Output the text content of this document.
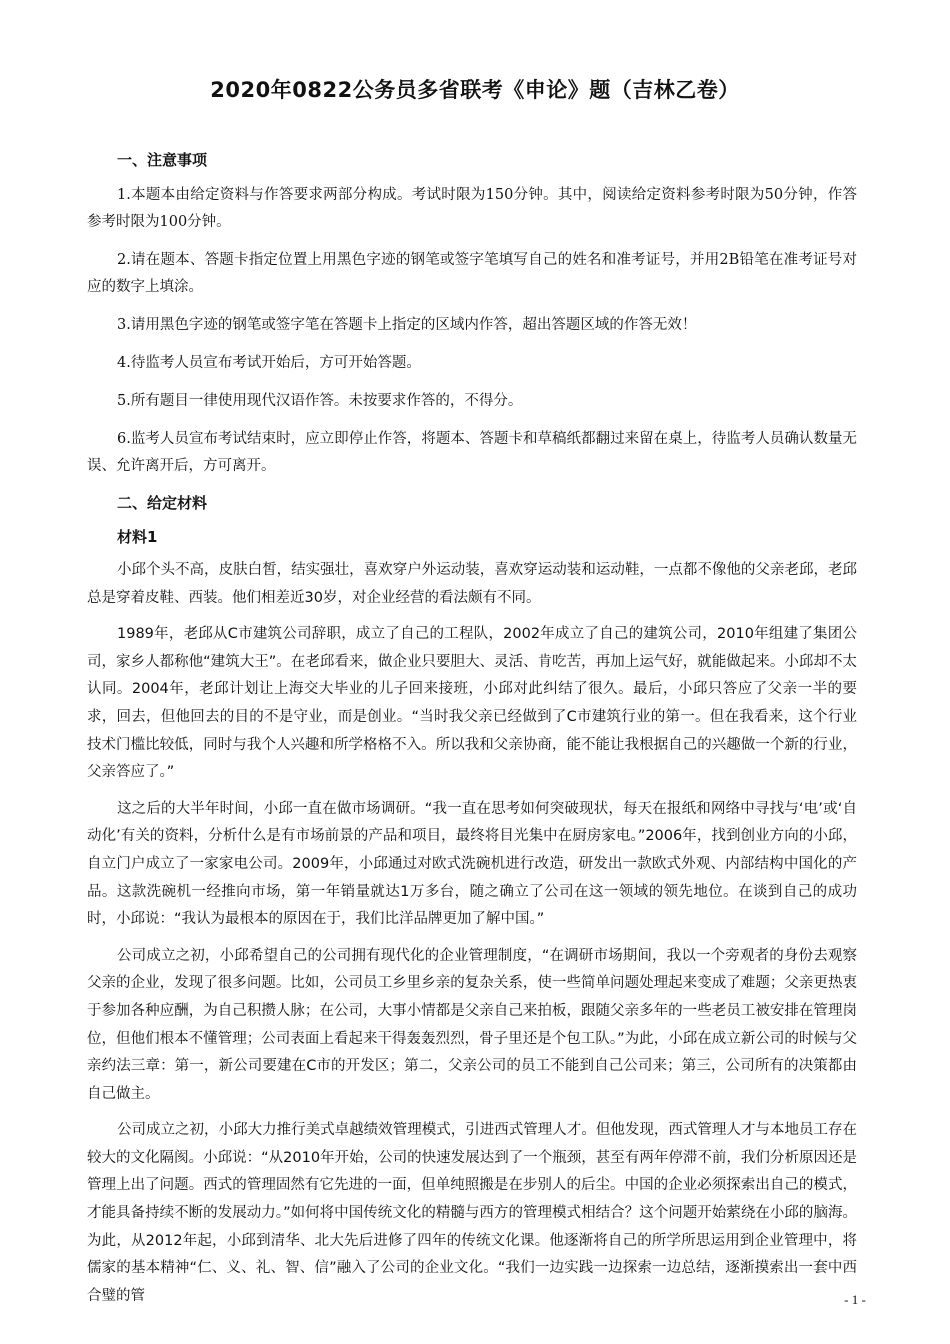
2020年0822公务员多省联考《申论》题（吉林乙卷）
一、注意事项

1.本题本由给定资料与作答要求两部分构成。考试时限为150分钟。其中，阅读给定资料参考时限为50分钟，作答参考时限为100分钟。

2.请在题本、答题卡指定位置上用黑色字迹的钢笔或签字笔填写自己的姓名和准考证号，并用2B铅笔在准考证号对应的数字上填涂。

3.请用黑色字迹的钢笔或签字笔在答题卡上指定的区域内作答，超出答题区域的作答无效！

4.待监考人员宣布考试开始后，方可开始答题。

5.所有题目一律使用现代汉语作答。未按要求作答的，不得分。

6.监考人员宣布考试结束时，应立即停止作答，将题本、答题卡和草稿纸都翻过来留在桌上，待监考人员确认数量无误、允许离开后，方可离开。

二、给定材料
材料1

小邱个头不高，皮肤白皙，结实强壮，喜欢穿户外运动装，喜欢穿运动装和运动鞋，一点都不像他的父亲老邱，老邱总是穿着皮鞋、西装。他们相差近30岁，对企业经营的看法颇有不同。

1989年，老邱从C市建筑公司辞职，成立了自己的工程队，2002年成立了自己的建筑公司，2010年组建了集团公司，家乡人都称他“建筑大王”。在老邱看来，做企业只要胆大、灵活、肯吃苦，再加上运气好，就能做起来。小邱却不太认同。2004年，老邱计划让上海交大毕业的儿子回来接班，小邱对此纠结了很久。最后，小邱只答应了父亲一半的要求，回去，但他回去的目的不是守业，而是创业。“当时我父亲已经做到了C市建筑行业的第一。但在我看来，这个行业技术门槛比较低，同时与我个人兴趣和所学格格不入。所以我和父亲协商，能不能让我根据自己的兴趣做一个新的行业，父亲答应了。”

这之后的大半年时间，小邱一直在做市场调研。“我一直在思考如何突破现状，每天在报纸和网络中寻找与‘电’或‘自动化’有关的资料，分析什么是有市场前景的产品和项目，最终将目光集中在厨房家电。”2006年，找到创业方向的小邱，自立门户成立了一家家电公司。2009年，小邱通过对欧式洗碗机进行改造，研发出一款欧式外观、内部结构中国化的产品。这款洗碗机一经推向市场，第一年销量就达1万多台，随之确立了公司在这一领域的领先地位。在谈到自己的成功时，小邱说：“我认为最根本的原因在于，我们比洋品牌更加了解中国。”

公司成立之初，小邱希望自己的公司拥有现代化的企业管理制度，“在调研市场期间，我以一个旁观者的身份去观察父亲的企业，发现了很多问题。比如，公司员工乡里乡亲的复杂关系，使一些简单问题处理起来变成了难题；父亲更热衷于参加各种应酬，为自己积攒人脉；在公司，大事小情都是父亲自己来拍板，跟随父亲多年的一些老员工被安排在管理岗位，但他们根本不懂管理；公司表面上看起来干得轰轰烈烈，骨子里还是个包工队。”为此，小邱在成立新公司的时候与父亲约法三章：第一，新公司要建在C市的开发区；第二，父亲公司的员工不能到自己公司来；第三，公司所有的决策都由自己做主。

公司成立之初，小邱大力推行美式卓越绩效管理模式，引进西式管理人才。但他发现，西式管理人才与本地员工存在较大的文化隔阂。小邱说：“从2010年开始，公司的快速发展达到了一个瓶颈，甚至有两年停滞不前，我们分析原因还是管理上出了问题。西式的管理固然有它先进的一面，但单纯照搬是在步别人的后尘。中国的企业必须探索出自己的模式，才能具备持续不断的发展动力。”如何将中国传统文化的精髓与西方的管理模式相结合？这个问题开始萦绕在小邱的脑海。为此，从2012年起，小邱到清华、北大先后进修了四年的传统文化课。他逐渐将自己的所学所思运用到企业管理中，将儒家的基本精神“仁、义、礼、智、信”融入了公司的企业文化。“我们一边实践一边探索一边总结，逐渐摸索出一套中西合璧的管	- 1 -
